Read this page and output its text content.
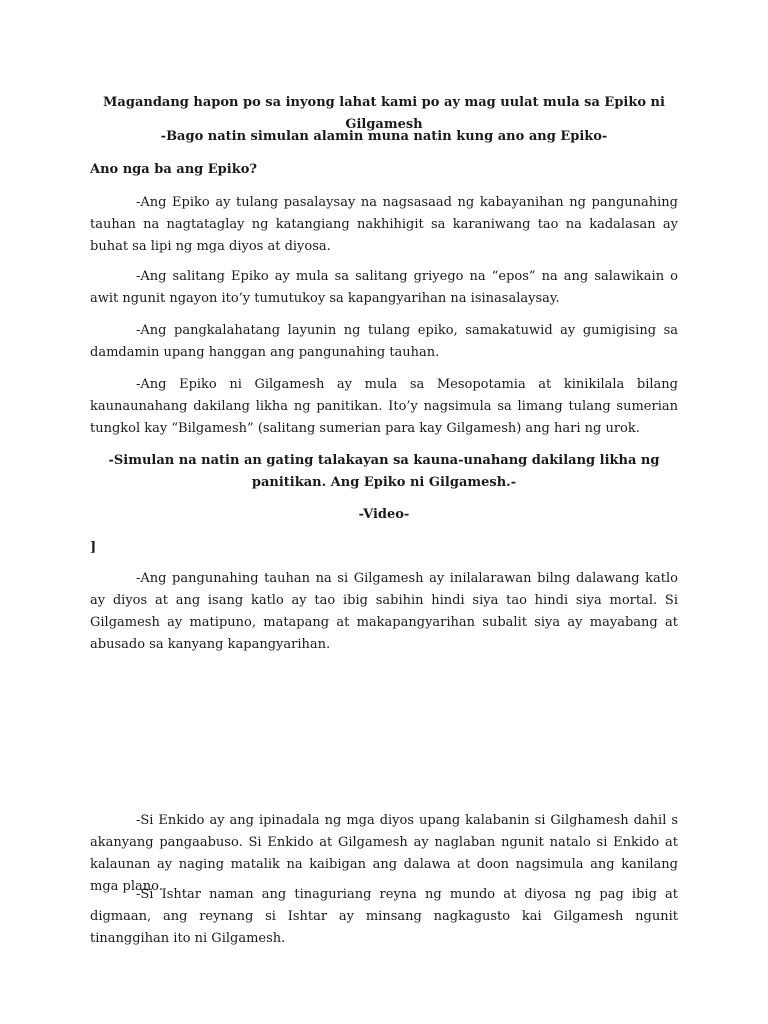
Magandang hapon po sa inyong lahat kami po ay mag uulat mula sa Epiko ni Gilgamesh
-Bago natin simulan alamin muna natin kung ano ang Epiko-
Ano nga ba ang Epiko?

-Ang Epiko ay tulang pasalaysay na nagsasaad ng kabayanihan ng pangunahing tauhan na nagtataglay ng katangiang nakhihigit sa karaniwang tao na kadalasan ay buhat sa lipi ng mga diyos at diyosa.

-Ang salitang Epiko ay mula sa salitang griyego na “epos” na ang salawikain o awit ngunit ngayon ito’y tumutukoy sa kapangyarihan na isinasalaysay.

-Ang pangkalahatang layunin ng tulang epiko, samakatuwid ay gumigising sa damdamin upang hanggan ang pangunahing tauhan.

-Ang Epiko ni Gilgamesh ay mula sa Mesopotamia at kinikilala bilang kaunaunahang dakilang likha ng panitikan. Ito’y nagsimula sa limang tulang sumerian tungkol kay “Bilgamesh” (salitang sumerian para kay Gilgamesh) ang hari ng urok.

-Simulan na natin an gating talakayan sa kauna-unahang dakilang likha ng panitikan. Ang Epiko ni Gilgamesh.-
-Video-
]

-Ang pangunahing tauhan na si Gilgamesh ay inilalarawan bilng dalawang katlo ay diyos at ang isang katlo ay tao ibig sabihin hindi siya tao hindi siya mortal. Si Gilgamesh ay matipuno, matapang at makapangyarihan subalit siya ay mayabang at abusado sa kanyang kapangyarihan.

-Si Enkido ay ang ipinadala ng mga diyos upang kalabanin si Gilghamesh dahil s akanyang pangaabuso. Si Enkido at Gilgamesh ay naglaban ngunit natalo si Enkido at kalaunan ay naging matalik na kaibigan ang dalawa at doon nagsimula ang kanilang mga plano.

-Si Ishtar naman ang tinaguriang reyna ng mundo at diyosa ng pag ibig at digmaan, ang reynang si Ishtar ay minsang nagkagusto kai Gilgamesh ngunit tinanggihan ito ni Gilgamesh.
